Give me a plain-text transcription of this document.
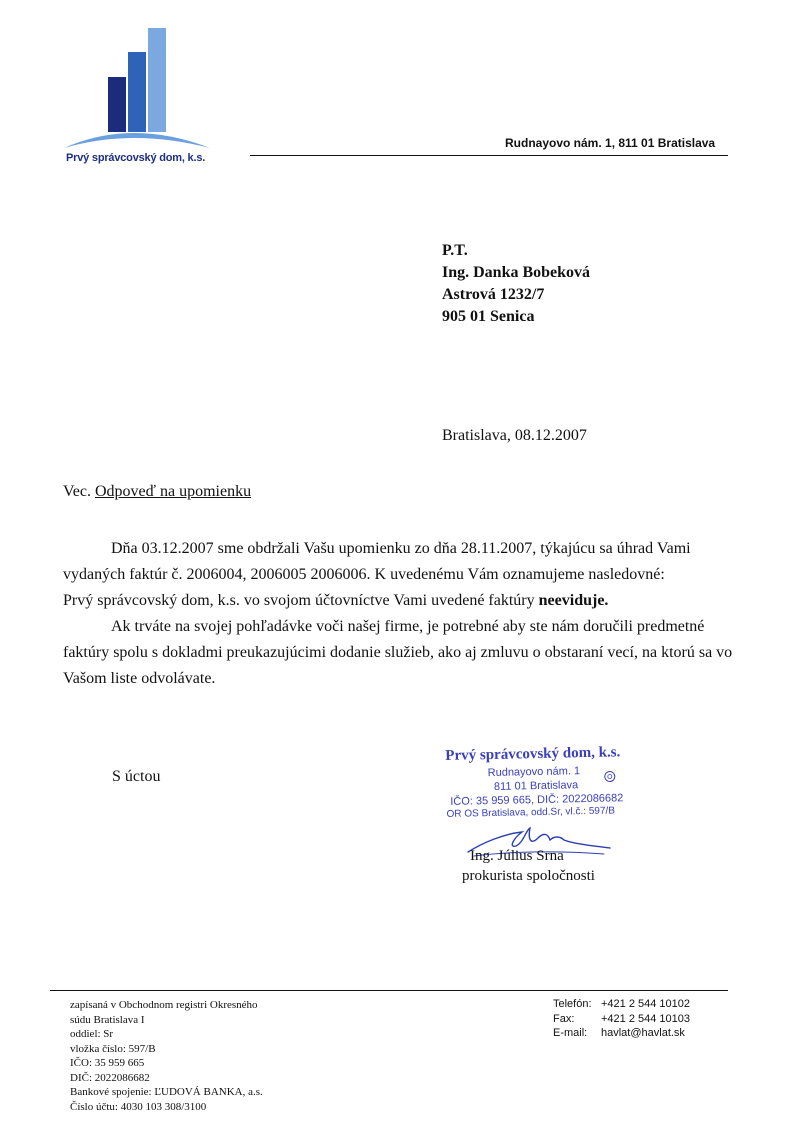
Prvý správcovský dom, k.s.
Rudnayovo nám. 1, 811 01 Bratislava
P.T.
Ing. Danka Bobeková
Astrová 1232/7
905 01 Senica
Bratislava, 08.12.2007
Vec. Odpoveď na upomienku

Dňa 03.12.2007 sme obdržali Vašu upomienku zo dňa 28.11.2007, týkajúcu sa úhrad Vami vydaných faktúr č. 2006004, 2006005 2006006. K uvedenému Vám oznamujeme nasledovné:

Prvý správcovský dom, k.s. vo svojom účtovníctve Vami uvedené faktúry neeviduje.

Ak trváte na svojej pohľadávke voči našej firme, je potrebné aby ste nám doručili predmetné faktúry spolu s dokladmi preukazujúcimi dodanie služieb, ako aj zmluvu o obstaraní vecí, na ktorú sa vo Vašom liste odvolávate.

S úctou
Prvý správcovský dom, k.s.
Rudnayovo nám. 1
811 01 Bratislava
IČO: 35 959 665, DIČ: 2022086682
OR OS Bratislava, odd.Sr, vl.č.: 597/B
Ing. Július Srna
prokurista spoločnosti
zapísaná v Obchodnom registri Okresného
súdu Bratislava I
oddiel: Sr
vložka číslo: 597/B
IČO: 35 959 665
DIČ: 2022086682
Bankové spojenie: ĽUDOVÁ BANKA, a.s.
Číslo účtu: 4030 103 308/3100
Telefón: +421 2 544 10102
Fax:	+421 2 544 10103
E-mail:	havlat@havlat.sk
